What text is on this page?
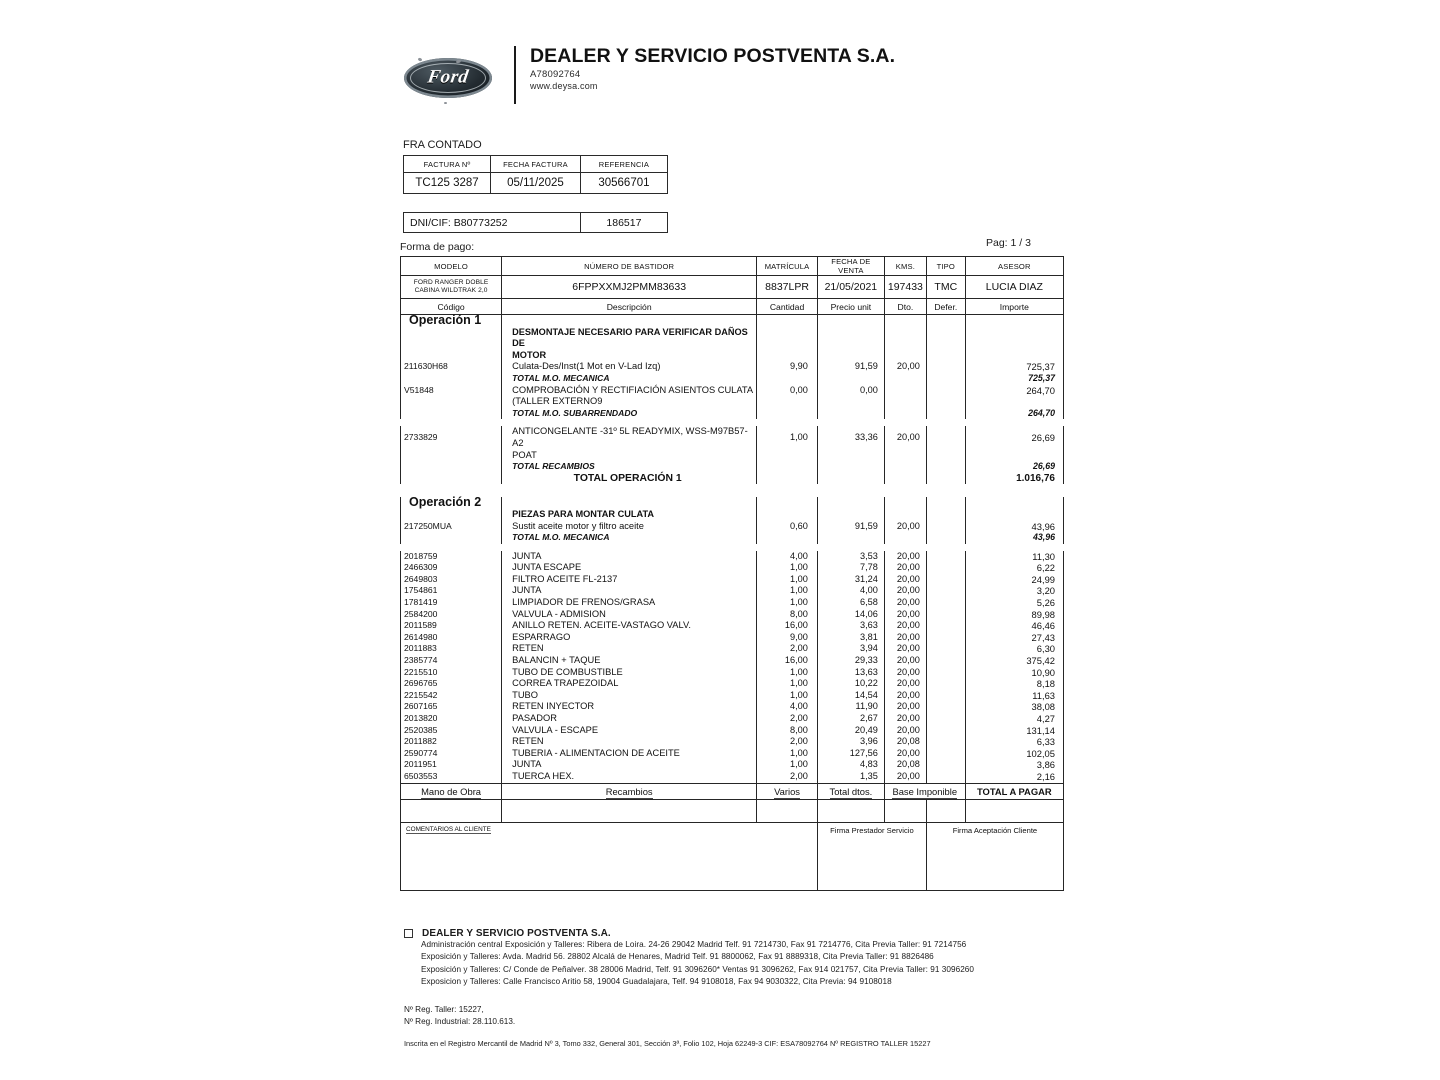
Ford
DEALER Y SERVICIO POSTVENTA S.A.
A78092764
www.deysa.com
FRA CONTADO
FACTURA Nº	FECHA FACTURA	REFERENCIA
TC125 3287	05/11/2025	30566701
DNI/CIF: B80773252	186517
Forma de pago:	Pag: 1 / 3
MODELO	NÚMERO DE BASTIDOR	MATRÍCULA	FECHA DE VENTA	KMS.	TIPO	ASESOR
FORD RANGER DOBLE CABINA WILDTRAK 2,0	6FPPXXMJ2PMM83633	8837LPR	21/05/2021	197433	TMC	LUCIA DIAZ
Código	Descripción	Cantidad	Precio unit	Dto.	Defer.	Importe
Operación 1						
	DESMONTAJE NECESARIO PARA VERIFICAR DAÑOS DE					
	MOTOR					
211630H68	Culata-Des/Inst(1 Mot en V-Lad Izq)	9,90	91,59	20,00		725,37
	TOTAL M.O. MECANICA					725,37
V51848	COMPROBACIÓN Y RECTIFIACIÓN ASIENTOS CULATA	0,00	0,00			264,70
	(TALLER EXTERNO9					
	TOTAL M.O. SUBARRENDADO					264,70

2733829	ANTICONGELANTE -31º 5L READYMIX, WSS-M97B57-A2	1,00	33,36	20,00		26,69
	POAT					
	TOTAL RECAMBIOS					26,69
	TOTAL OPERACIÓN 1					1.016,76

Operación 2						
	PIEZAS PARA MONTAR CULATA					
217250MUA	Sustit aceite motor y filtro aceite	0,60	91,59	20,00		43,96
	TOTAL M.O. MECANICA					43,96

2018759	JUNTA	4,00	3,53	20,00		11,30
2466309	JUNTA ESCAPE	1,00	7,78	20,00		6,22
2649803	FILTRO ACEITE FL-2137	1,00	31,24	20,00		24,99
1754861	JUNTA	1,00	4,00	20,00		3,20
1781419	LIMPIADOR DE FRENOS/GRASA	1,00	6,58	20,00		5,26
2584200	VALVULA - ADMISION	8,00	14,06	20,00		89,98
2011589	ANILLO RETEN. ACEITE-VASTAGO VALV.	16,00	3,63	20,00		46,46
2614980	ESPARRAGO	9,00	3,81	20,00		27,43
2011883	RETEN	2,00	3,94	20,00		6,30
2385774	BALANCIN + TAQUE	16,00	29,33	20,00		375,42
2215510	TUBO DE COMBUSTIBLE	1,00	13,63	20,00		10,90
2696765	CORREA TRAPEZOIDAL	1,00	10,22	20,00		8,18
2215542	TUBO	1,00	14,54	20,00		11,63
2607165	RETEN INYECTOR	4,00	11,90	20,00		38,08
2013820	PASADOR	2,00	2,67	20,00		4,27
2520385	VALVULA - ESCAPE	8,00	20,49	20,00		131,14
2011882	RETEN	2,00	3,96	20,08		6,33
2590774	TUBERIA - ALIMENTACION DE ACEITE	1,00	127,56	20,00		102,05
2011951	JUNTA	1,00	4,83	20,08		3,86
6503553	TUERCA HEX.	2,00	1,35	20,00		2,16
Mano de Obra	Recambios	Varios	Total dtos.	Base Imponible		TOTAL A PAGAR

COMENTARIOS AL CLIENTE			Firma Prestador Servicio		Firma Aceptación Cliente	
DEALER Y SERVICIO POSTVENTA S.A.
Administración central Exposición y Talleres: Ribera de Loira. 24-26 29042 Madrid Telf. 91 7214730, Fax 91 7214776, Cita Previa Taller: 91 7214756
Exposición y Talleres: Avda. Madrid 56. 28802 Alcalá de Henares, Madrid Telf. 91 8800062, Fax 91 8889318, Cita Previa Taller: 91 8826486
Exposición y Talleres: C/ Conde de Peñalver. 38 28006 Madrid, Telf. 91 3096260* Ventas 91 3096262, Fax 914 021757, Cita Previa Taller: 91 3096260
Exposicion y Talleres: Calle Francisco Aritio 58, 19004 Guadalajara, Telf. 94 9108018, Fax 94 9030322, Cita Previa: 94 9108018
Nº Reg. Taller: 15227,
Nº Reg. Industrial: 28.110.613.
Inscrita en el Registro Mercantil de Madrid Nº 3, Tomo 332, General 301, Sección 3ª, Folio 102, Hoja 62249-3 CIF: ESA78092764 Nº REGISTRO TALLER 15227
